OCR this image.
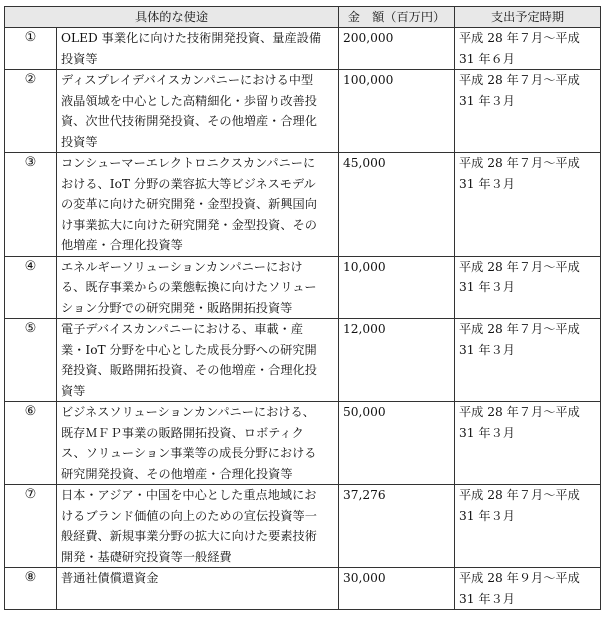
具体的な使途		金　額（百万円）	支出予定時期
①	OLED 事業化に向けた技術開発投資、量産設備
投資等	200,000	平成 28 年７月～平成
31 年６月

②	ディスプレイデバイスカンパニーにおける中型
液晶領域を中心とした高精細化・歩留り改善投
資、次世代技術開発投資、その他増産・合理化
投資等	100,000	平成 28 年７月～平成
31 年３月

③	コンシューマーエレクトロニクスカンパニーに
おける、IoT 分野の業容拡大等ビジネスモデル
の変革に向けた研究開発・金型投資、新興国向
け事業拡大に向けた研究開発・金型投資、その
他増産・合理化投資等	45,000	平成 28 年７月～平成
31 年３月

④	エネルギーソリューションカンパニーにおけ
る、既存事業からの業態転換に向けたソリュー
ション分野での研究開発・販路開拓投資等	10,000	平成 28 年７月～平成
31 年３月

⑤	電子デバイスカンパニーにおける、車載・産
業・IoT 分野を中心とした成長分野への研究開
発投資、販路開拓投資、その他増産・合理化投
資等	12,000	平成 28 年７月～平成
31 年３月

⑥	ビジネスソリューションカンパニーにおける、
既存ＭＦＰ事業の販路開拓投資、ロボティク
ス、ソリューション事業等の成長分野における
研究開発投資、その他増産・合理化投資等	50,000	平成 28 年７月～平成
31 年３月

⑦	日本・アジア・中国を中心とした重点地域にお
けるブランド価値の向上のための宣伝投資等一
般経費、新規事業分野の拡大に向けた要素技術
開発・基礎研究投資等一般経費	37,276	平成 28 年７月～平成
31 年３月

⑧	普通社債償還資金	30,000	平成 28 年９月～平成
31 年３月
